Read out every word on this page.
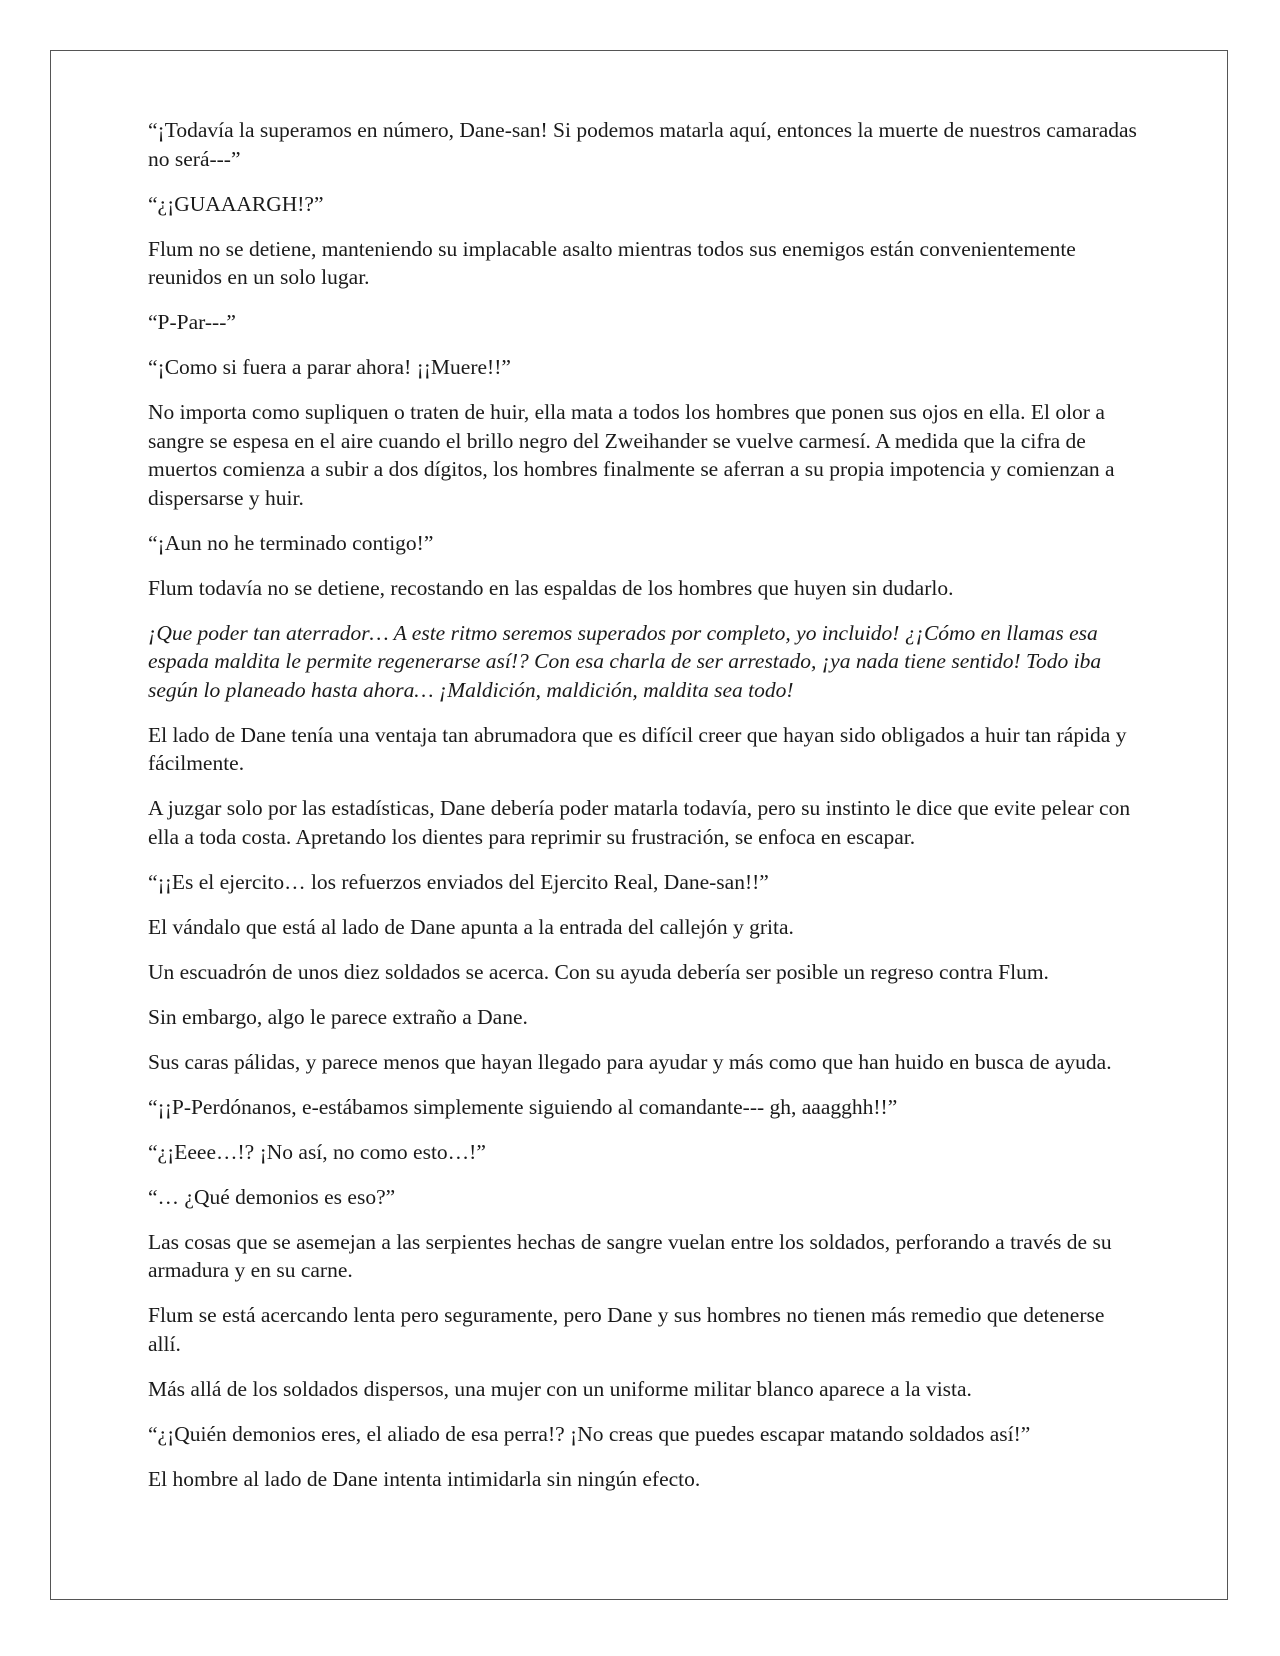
“¡Todavía la superamos en número, Dane-san! Si podemos matarla aquí, entonces la muerte de nuestros camaradas no será---”

“¿¡GUAAARGH!?”

Flum no se detiene, manteniendo su implacable asalto mientras todos sus enemigos están convenientemente reunidos en un solo lugar.

“P-Par---”

“¡Como si fuera a parar ahora! ¡¡Muere!!”

No importa como supliquen o traten de huir, ella mata a todos los hombres que ponen sus ojos en ella. El olor a sangre se espesa en el aire cuando el brillo negro del Zweihander se vuelve carmesí. A medida que la cifra de muertos comienza a subir a dos dígitos, los hombres finalmente se aferran a su propia impotencia y comienzan a dispersarse y huir.

“¡Aun no he terminado contigo!”

Flum todavía no se detiene, recostando en las espaldas de los hombres que huyen sin dudarlo.

¡Que poder tan aterrador… A este ritmo seremos superados por completo, yo incluido! ¿¡Cómo en llamas esa espada maldita le permite regenerarse así!? Con esa charla de ser arrestado, ¡ya nada tiene sentido! Todo iba según lo planeado hasta ahora… ¡Maldición, maldición, maldita sea todo!

El lado de Dane tenía una ventaja tan abrumadora que es difícil creer que hayan sido obligados a huir tan rápida y fácilmente.

A juzgar solo por las estadísticas, Dane debería poder matarla todavía, pero su instinto le dice que evite pelear con ella a toda costa. Apretando los dientes para reprimir su frustración, se enfoca en escapar.

“¡¡Es el ejercito… los refuerzos enviados del Ejercito Real, Dane-san!!”

El vándalo que está al lado de Dane apunta a la entrada del callejón y grita.

Un escuadrón de unos diez soldados se acerca. Con su ayuda debería ser posible un regreso contra Flum.

Sin embargo, algo le parece extraño a Dane.

Sus caras pálidas, y parece menos que hayan llegado para ayudar y más como que han huido en busca de ayuda.

“¡¡P-Perdónanos, e-estábamos simplemente siguiendo al comandante--- gh, aaagghh!!”

“¿¡Eeee…!? ¡No así, no como esto…!”

“… ¿Qué demonios es eso?”

Las cosas que se asemejan a las serpientes hechas de sangre vuelan entre los soldados, perforando a través de su armadura y en su carne.

Flum se está acercando lenta pero seguramente, pero Dane y sus hombres no tienen más remedio que detenerse allí.

Más allá de los soldados dispersos, una mujer con un uniforme militar blanco aparece a la vista.

“¿¡Quién demonios eres, el aliado de esa perra!? ¡No creas que puedes escapar matando soldados así!”

El hombre al lado de Dane intenta intimidarla sin ningún efecto.
